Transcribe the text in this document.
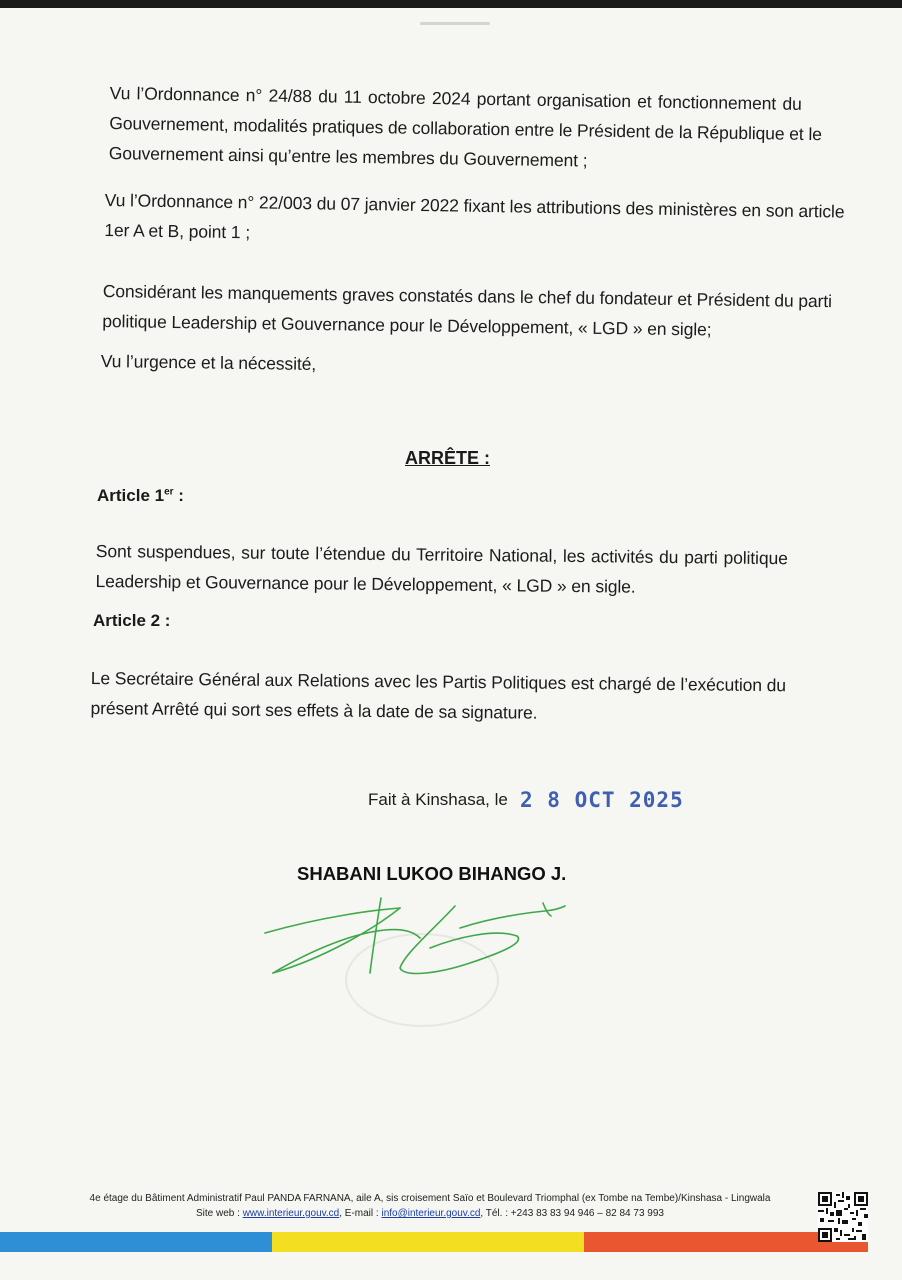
Vu l’Ordonnance n° 24/88 du 11 octobre 2024 portant organisation et fonctionnement du
Gouvernement, modalités pratiques de collaboration entre le Président de la République et le
Gouvernement ainsi qu’entre les membres du Gouvernement ;
Vu l’Ordonnance n° 22/003 du 07 janvier 2022 fixant les attributions des ministères en son article
1er A et B, point 1 ;
Considérant les manquements graves constatés dans le chef du fondateur et Président du parti
politique Leadership et Gouvernance pour le Développement, « LGD » en sigle;
Vu l’urgence et la nécessité,
ARRÊTE :
Article 1er :
Sont suspendues, sur toute l’étendue du Territoire National, les activités du parti politique
Leadership et Gouvernance pour le Développement, « LGD » en sigle.
Article 2 :
Le Secrétaire Général aux Relations avec les Partis Politiques est chargé de l’exécution du
présent Arrêté qui sort ses effets à la date de sa signature.
Fait à Kinshasa, le 2 8 OCT 2025
SHABANI LUKOO BIHANGO J.
4e étage du Bâtiment Administratif Paul PANDA FARNANA, aile A, sis croisement Saïo et Boulevard Triomphal (ex Tombe na Tembe)/Kinshasa - Lingwala
Site web : www.interieur.gouv.cd, E-mail : info@interieur.gouv.cd, Tél. : +243 83 83 94 946 – 82 84 73 993
